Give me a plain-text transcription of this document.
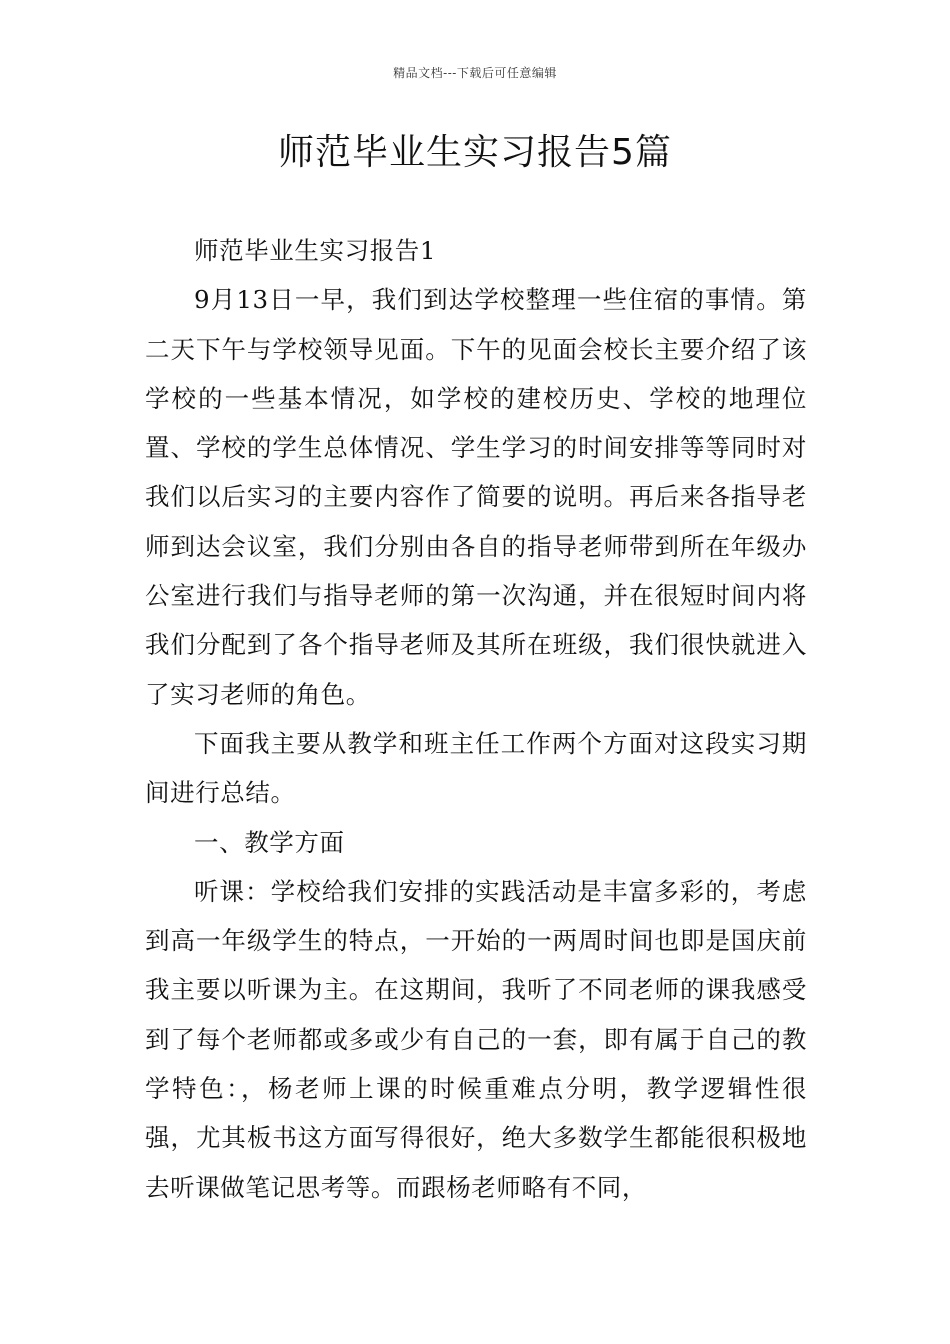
精品文档---下载后可任意编辑
师范毕业生实习报告5篇

师范毕业生实习报告1

9月13日一早，我们到达学校整理一些住宿的事情。第二天下午与学校领导见面。下午的见面会校长主要介绍了该学校的一些基本情况，如学校的建校历史、学校的地理位置、学校的学生总体情况、学生学习的时间安排等等同时对我们以后实习的主要内容作了简要的说明。再后来各指导老师到达会议室，我们分别由各自的指导老师带到所在年级办公室进行我们与指导老师的第一次沟通，并在很短时间内将我们分配到了各个指导老师及其所在班级，我们很快就进入了实习老师的角色。

下面我主要从教学和班主任工作两个方面对这段实习期间进行总结。

一、教学方面

听课：学校给我们安排的实践活动是丰富多彩的，考虑到高一年级学生的特点，一开始的一两周时间也即是国庆前我主要以听课为主。在这期间，我听了不同老师的课我感受到了每个老师都或多或少有自己的一套，即有属于自己的教学特色：，杨老师上课的时候重难点分明，教学逻辑性很强，尤其板书这方面写得很好，绝大多数学生都能很积极地去听课做笔记思考等。而跟杨老师略有不同，
